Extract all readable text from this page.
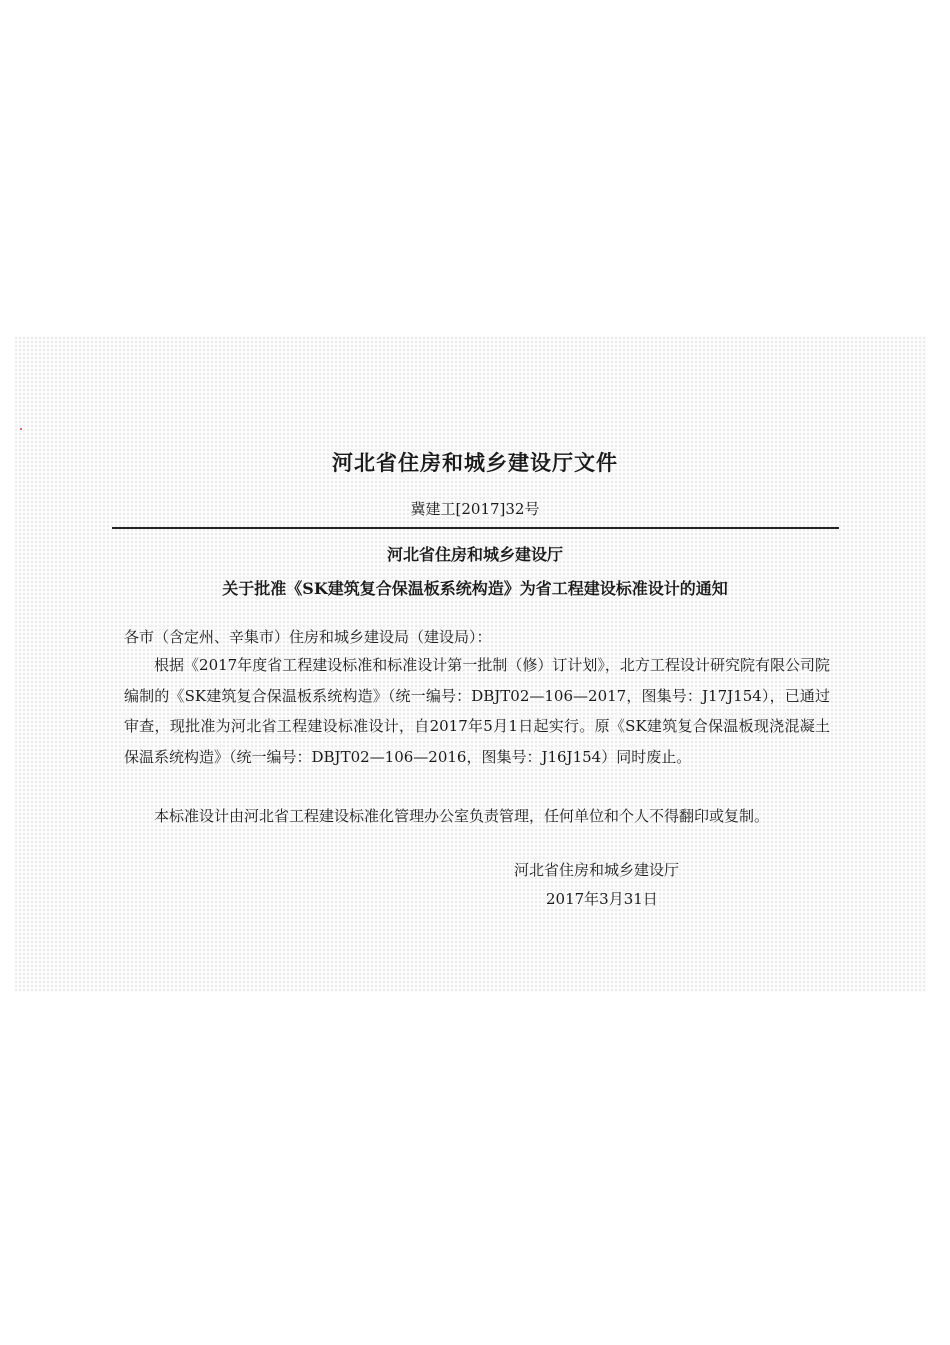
河北省住房和城乡建设厅文件
冀建工[2017]32号
河北省住房和城乡建设厅
关于批准《SK建筑复合保温板系统构造》为省工程建设标准设计的通知
各市（含定州、辛集市）住房和城乡建设局（建设局）：

根据《2017年度省工程建设标准和标准设计第一批制（修）订计划》，北方工程设计研究院有限公司院编制的《SK建筑复合保温板系统构造》（统一编号：DBJT02—106—2017，图集号：J17J154），已通过审查，现批准为河北省工程建设标准设计，自2017年5月1日起实行。原《SK建筑复合保温板现浇混凝土保温系统构造》（统一编号：DBJT02—106—2016，图集号：J16J154）同时废止。

本标准设计由河北省工程建设标准化管理办公室负责管理，任何单位和个人不得翻印或复制。

河北省住房和城乡建设厅
2017年3月31日
